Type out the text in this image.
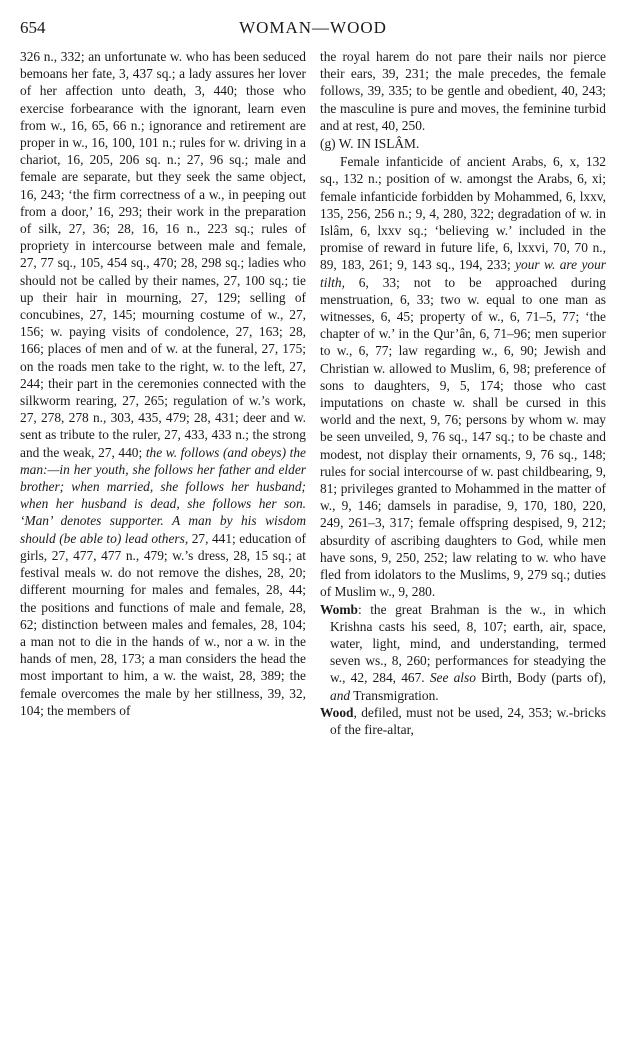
654	WOMAN—WOOD

326 n., 332; an unfortunate w. who has been seduced bemoans her fate, 3, 437 sq.; a lady assures her lover of her affection unto death, 3, 440; those who exercise forbearance with the ignorant, learn even from w., 16, 65, 66 n.; ignorance and retirement are proper in w., 16, 100, 101 n.; rules for w. driving in a chariot, 16, 205, 206 sq. n.; 27, 96 sq.; male and female are separate, but they seek the same object, 16, 243; ‘the firm correctness of a w., in peeping out from a door,’ 16, 293; their work in the preparation of silk, 27, 36; 28, 16, 16 n., 223 sq.; rules of propriety in intercourse between male and female, 27, 77 sq., 105, 454 sq., 470; 28, 298 sq.; ladies who should not be called by their names, 27, 100 sq.; tie up their hair in mourning, 27, 129; selling of concubines, 27, 145; mourning costume of w., 27, 156; w. paying visits of condolence, 27, 163; 28, 166; places of men and of w. at the funeral, 27, 175; on the roads men take to the right, w. to the left, 27, 244; their part in the ceremonies connected with the silkworm rearing, 27, 265; regulation of w.’s work, 27, 278, 278 n., 303, 435, 479; 28, 431; deer and w. sent as tribute to the ruler, 27, 433, 433 n.; the strong and the weak, 27, 440; the w. follows (and obeys) the man:—in her youth, she follows her father and elder brother; when married, she follows her husband; when her husband is dead, she follows her son. ‘Man’ denotes supporter. A man by his wisdom should (be able to) lead others, 27, 441; education of girls, 27, 477, 477 n., 479; w.’s dress, 28, 15 sq.; at festival meals w. do not remove the dishes, 28, 20; different mourning for males and females, 28, 44; the positions and functions of male and female, 28, 62; distinction between males and females, 28, 104; a man not to die in the hands of w., nor a w. in the hands of men, 28, 173; a man considers the head the most important to him, a w. the waist, 28, 389; the female overcomes the male by her stillness, 39, 32, 104; the members of

the royal harem do not pare their nails nor pierce their ears, 39, 231; the male precedes, the female follows, 39, 335; to be gentle and obedient, 40, 243; the masculine is pure and moves, the feminine turbid and at rest, 40, 250.

(g) W. IN ISLÂM.

Female infanticide of ancient Arabs, 6, x, 132 sq., 132 n.; position of w. amongst the Arabs, 6, xi; female infanticide forbidden by Mohammed, 6, lxxv, 135, 256, 256 n.; 9, 4, 280, 322; degradation of w. in Islâm, 6, lxxv sq.; ‘believing w.’ included in the promise of reward in future life, 6, lxxvi, 70, 70 n., 89, 183, 261; 9, 143 sq., 194, 233; your w. are your tilth, 6, 33; not to be approached during menstruation, 6, 33; two w. equal to one man as witnesses, 6, 45; property of w., 6, 71–5, 77; ‘the chapter of w.’ in the Qur’ân, 6, 71–96; men superior to w., 6, 77; law regarding w., 6, 90; Jewish and Christian w. allowed to Muslim, 6, 98; preference of sons to daughters, 9, 5, 174; those who cast imputations on chaste w. shall be cursed in this world and the next, 9, 76; persons by whom w. may be seen unveiled, 9, 76 sq., 147 sq.; to be chaste and modest, not display their ornaments, 9, 76 sq., 148; rules for social intercourse of w. past childbearing, 9, 81; privileges granted to Mohammed in the matter of w., 9, 146; damsels in paradise, 9, 170, 180, 220, 249, 261–3, 317; female offspring despised, 9, 212; absurdity of ascribing daughters to God, while men have sons, 9, 250, 252; law relating to w. who have fled from idolators to the Muslims, 9, 279 sq.; duties of Muslim w., 9, 280.

Womb: the great Brahman is the w., in which Krishna casts his seed, 8, 107; earth, air, space, water, light, mind, and understanding, termed seven ws., 8, 260; performances for steadying the w., 42, 284, 467. See also Birth, Body (parts of), and Transmigration.

Wood, defiled, must not be used, 24, 353; w.-bricks of the fire-altar,
